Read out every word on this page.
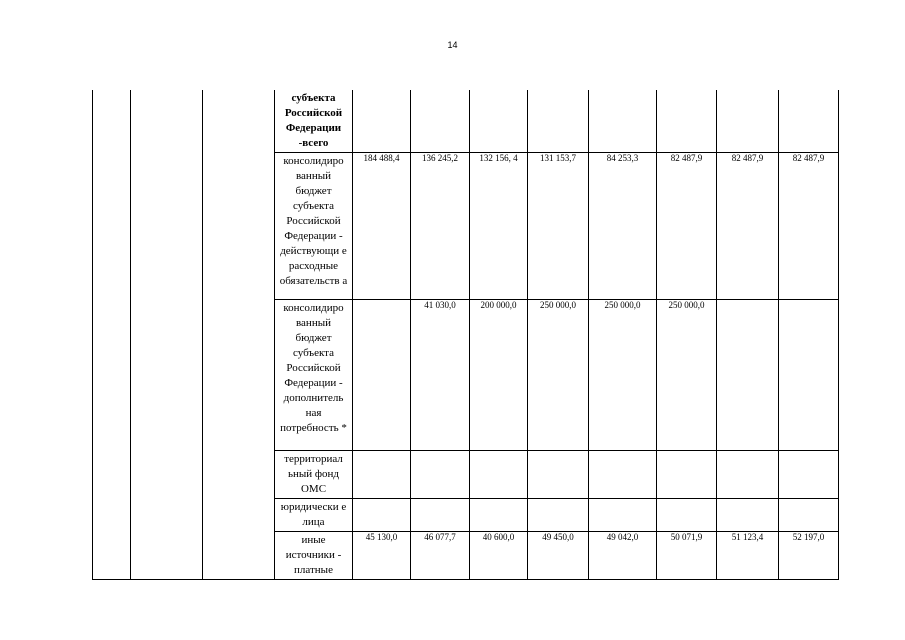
14
			субъекта Российской Федерации -всего									
			консолидиро ванный бюджет субъекта Российской Федерации - действующи е расходные обязательств а	184 488,4	136 245,2	132 156, 4	131 153,7	84 253,3	82 487,9	82 487,9	82 487,9	
			консолидиро ванный бюджет субъекта Российской Федерации - дополнитель ная потребность *		41 030,0	200 000,0	250 000,0	250 000,0	250 000,0			
			территориал ьный фонд ОМС									
			юридически е лица									
			иные источники - платные	45 130,0	46 077,7	40 600,0	49 450,0	49 042,0	50 071,9	51 123,4	52 197,0	
